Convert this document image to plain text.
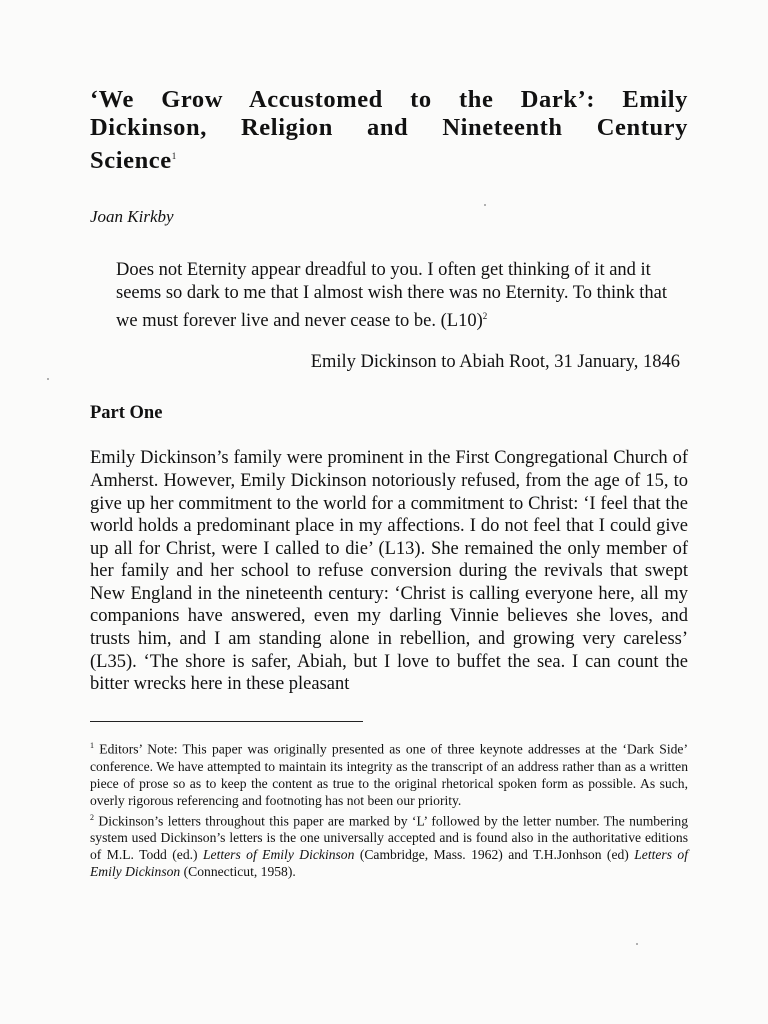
‘We Grow Accustomed to the Dark’: Emily Dickinson, Religion and Nineteenth Century Science$^1$

Joan Kirkby

Does not Eternity appear dreadful to you. I often get thinking of it and it seems so dark to me that I almost wish there was no Eternity. To think that we must forever live and never cease to be. $(L10)^2$

Emily Dickinson to Abiah Root, 31 January, 1846

Part One

Emily Dickinson’s family were prominent in the First Congregational Church of Amherst. However, Emily Dickinson notoriously refused, from the age of 15, to give up her commitment to the world for a commitment to Christ: ‘I feel that the world holds a predominant place in my affections. I do not feel that I could give up all for Christ, were I called to die’ (L13). She remained the only member of her family and her school to refuse conversion during the revivals that swept New England in the nineteenth century: ‘Christ is calling everyone here, all my companions have answered, even my darling Vinnie believes she loves, and trusts him, and I am standing alone in rebellion, and growing very careless’ (L35). ‘The shore is safer, Abiah, but I love to buffet the sea. I can count the bitter wrecks here in these pleasant

$^1$ Editors’ Note: This paper was originally presented as one of three keynote addresses at the ‘Dark Side’ conference. We have attempted to maintain its integrity as the transcript of an address rather than as a written piece of prose so as to keep the content as true to the original rhetorical spoken form as possible. As such, overly rigorous referencing and footnoting has not been our priority.

$^2$ Dickinson’s letters throughout this paper are marked by ‘L’ followed by the letter number. The numbering system used Dickinson’s letters is the one universally accepted and is found also in the authoritative editions of M.L. Todd (ed.) Letters of Emily Dickinson (Cambridge, Mass. 1962) and T.H.Jonhson (ed) Letters of Emily Dickinson (Connecticut, 1958).
